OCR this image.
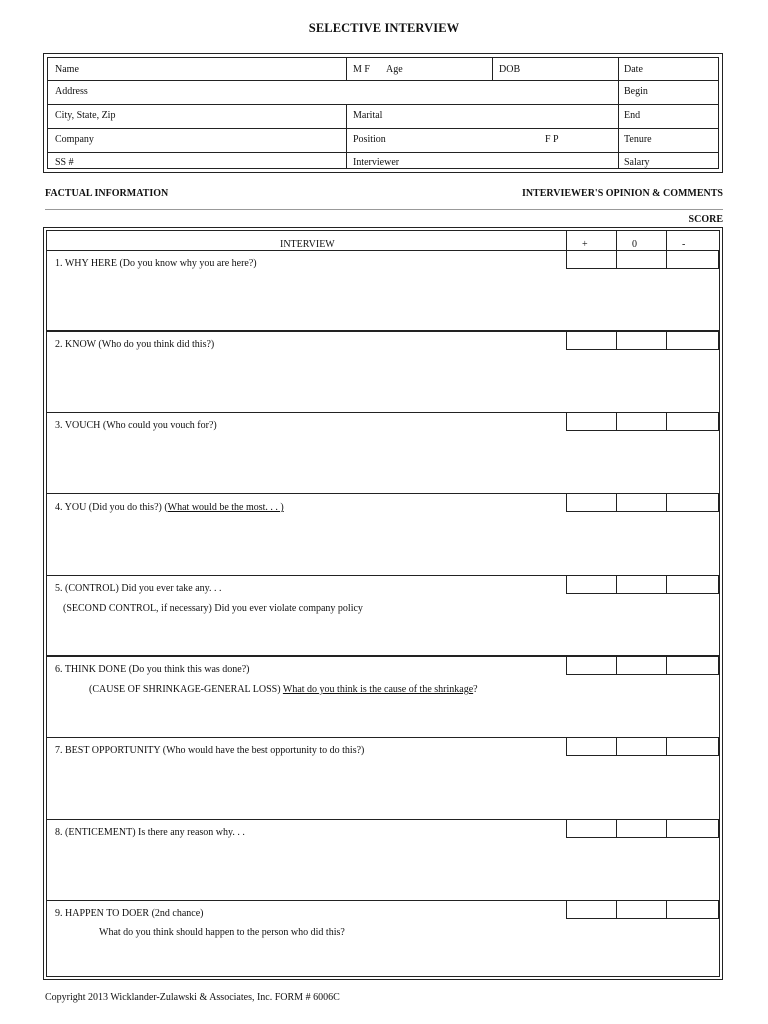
SELECTIVE INTERVIEW
Name	M F Age	DOB	Date
Address	Begin
City, State, Zip	Marital	End
Company	Position	F P	Tenure
SS #	Interviewer	Salary
FACTUAL INFORMATION	INTERVIEWER'S OPINION & COMMENTS
SCORE
INTERVIEW	+	0	-
1. WHY HERE (Do you know why you are here?)
2. KNOW (Who do you think did this?)
3. VOUCH (Who could you vouch for?)
4. YOU (Did you do this?) (What would be the most. . . )
5. (CONTROL) Did you ever take any. . .
(SECOND CONTROL, if necessary) Did you ever violate company policy
6. THINK DONE (Do you think this was done?)
(CAUSE OF SHRINKAGE-GENERAL LOSS) What do you think is the cause of the shrinkage?
7. BEST OPPORTUNITY (Who would have the best opportunity to do this?)
8. (ENTICEMENT) Is there any reason why. . .
9. HAPPEN TO DOER (2nd chance)
What do you think should happen to the person who did this?
Copyright 2013 Wicklander-Zulawski & Associates, Inc. FORM # 6006C
